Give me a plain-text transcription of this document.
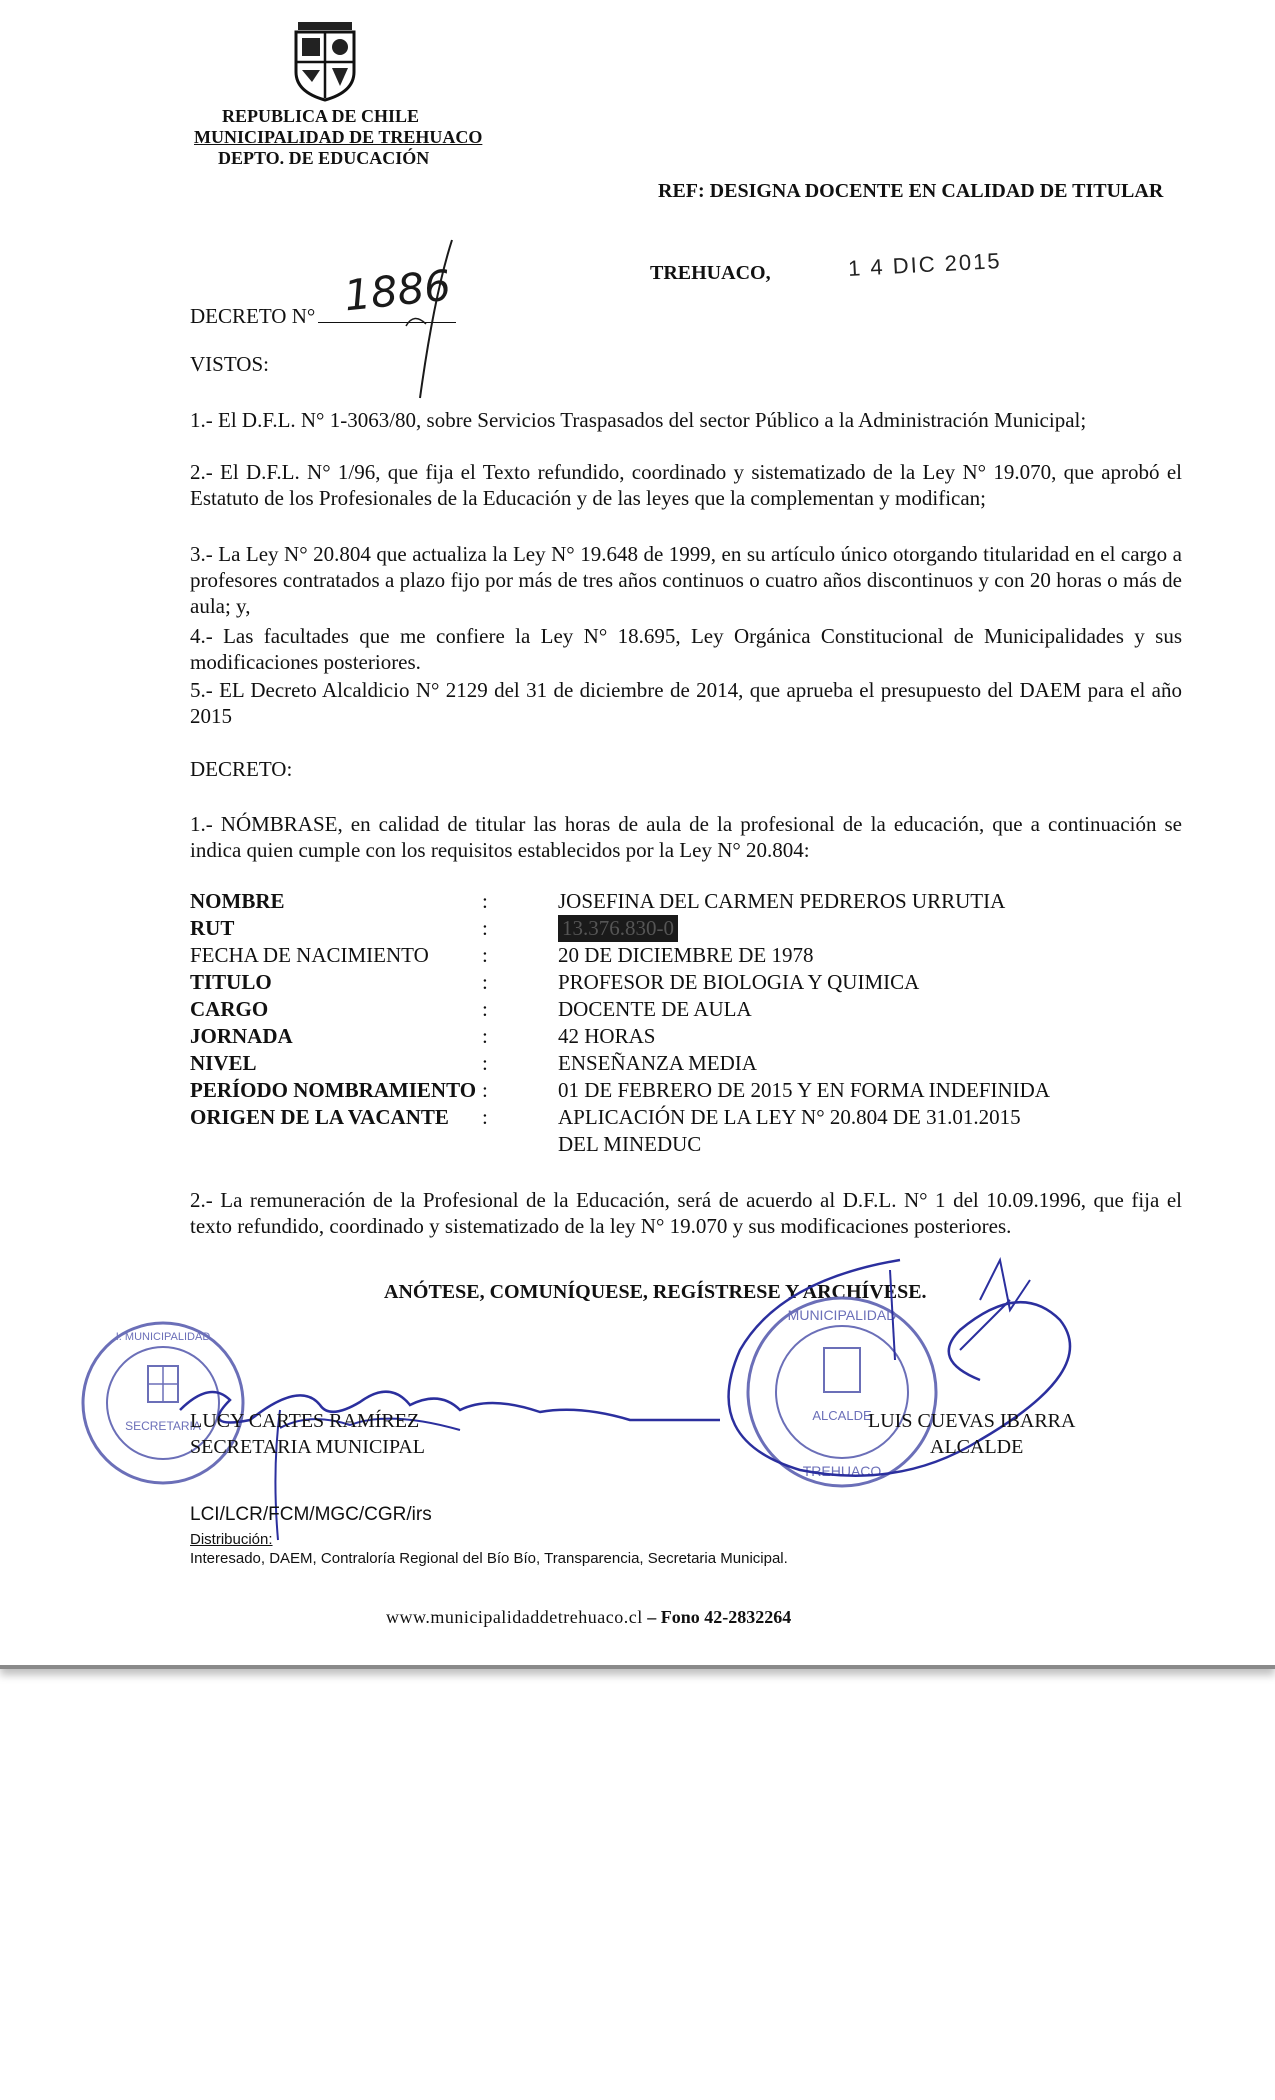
REPUBLICA DE CHILE
MUNICIPALIDAD DE TREHUACO
DEPTO. DE EDUCACIÓN
REF: DESIGNA DOCENTE EN CALIDAD DE TITULAR
TREHUACO,	1 4 DIC 2015
DECRETO N° 1886
VISTOS:
1.- El D.F.L. N° 1-3063/80, sobre Servicios Traspasados del sector Público a la Administración Municipal;
2.- El D.F.L. N° 1/96, que fija el Texto refundido, coordinado y sistematizado de la Ley N° 19.070, que aprobó el Estatuto de los Profesionales de la Educación y de las leyes que la complementan y modifican;
3.- La Ley N° 20.804 que actualiza la Ley N° 19.648 de 1999, en su artículo único otorgando titularidad en el cargo a profesores contratados a plazo fijo por más de tres años continuos o cuatro años discontinuos y con 20 horas o más de aula; y,
4.- Las facultades que me confiere la Ley N° 18.695, Ley Orgánica Constitucional de Municipalidades y sus modificaciones posteriores.
5.- EL Decreto Alcaldicio N° 2129 del 31 de diciembre de 2014, que aprueba el presupuesto del DAEM para el año 2015
DECRETO:
1.- NÓMBRASE, en calidad de titular las horas de aula de la profesional de la educación, que a continuación se indica quien cumple con los requisitos establecidos por la Ley N° 20.804:
NOMBRE	:	JOSEFINA DEL CARMEN PEDREROS URRUTIA
RUT	:	13.376.830-0
FECHA DE NACIMIENTO	:	20 DE DICIEMBRE DE 1978
TITULO	:	PROFESOR DE BIOLOGIA Y QUIMICA
CARGO	:	DOCENTE DE AULA
JORNADA	:	42 HORAS
NIVEL	:	ENSEÑANZA MEDIA
PERÍODO NOMBRAMIENTO :	01 DE FEBRERO DE 2015 Y EN FORMA INDEFINIDA
ORIGEN DE LA VACANTE :	APLICACIÓN DE LA LEY N° 20.804 DE 31.01.2015
DEL MINEDUC
2.- La remuneración de la Profesional de la Educación, será de acuerdo al D.F.L. N° 1 del 10.09.1996, que fija el texto refundido, coordinado y sistematizado de la ley N° 19.070 y sus modificaciones posteriores.
ANÓTESE, COMUNÍQUESE, REGÍSTRESE Y ARCHÍVESE.
SECRETARIA
I. MUNICIPALIDAD
MUNICIPALIDAD
ALCALDE
TREHUACO
LUCY CARTES RAMÍREZ
SECRETARIA MUNICIPAL
LUIS CUEVAS IBARRA
ALCALDE
LCI/LCR/FCM/MGC/CGR/irs
Distribución:
Interesado, DAEM, Contraloría Regional del Bío Bío, Transparencia, Secretaria Municipal.
www.municipalidaddetrehuaco.cl – Fono 42-2832264
